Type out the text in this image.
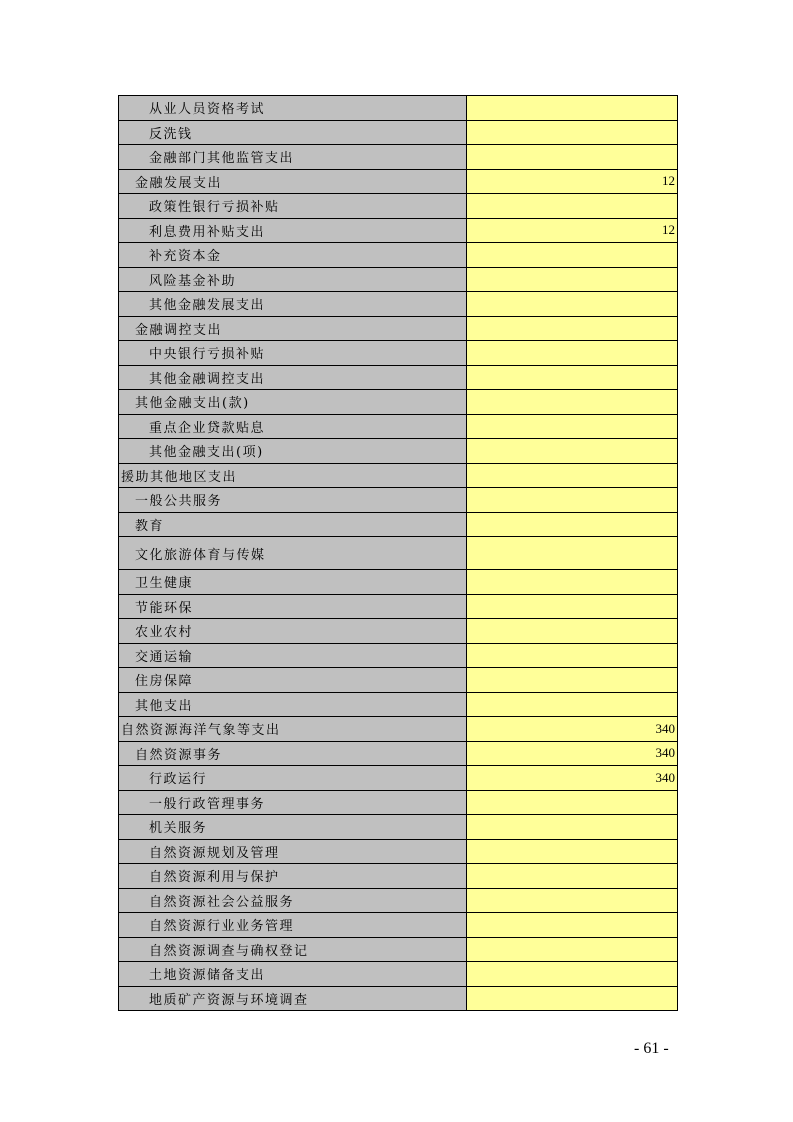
从业人员资格考试
反洗钱
金融部门其他监管支出
金融发展支出	12
政策性银行亏损补贴
利息费用补贴支出	12
补充资本金
风险基金补助
其他金融发展支出
金融调控支出
中央银行亏损补贴
其他金融调控支出
其他金融支出(款)
重点企业贷款贴息
其他金融支出(项)
援助其他地区支出
一般公共服务
教育
文化旅游体育与传媒
卫生健康
节能环保
农业农村
交通运输
住房保障
其他支出
自然资源海洋气象等支出	340
自然资源事务	340
行政运行	340
一般行政管理事务
机关服务
自然资源规划及管理
自然资源利用与保护
自然资源社会公益服务
自然资源行业业务管理
自然资源调查与确权登记
土地资源储备支出
地质矿产资源与环境调查
- 61 -
